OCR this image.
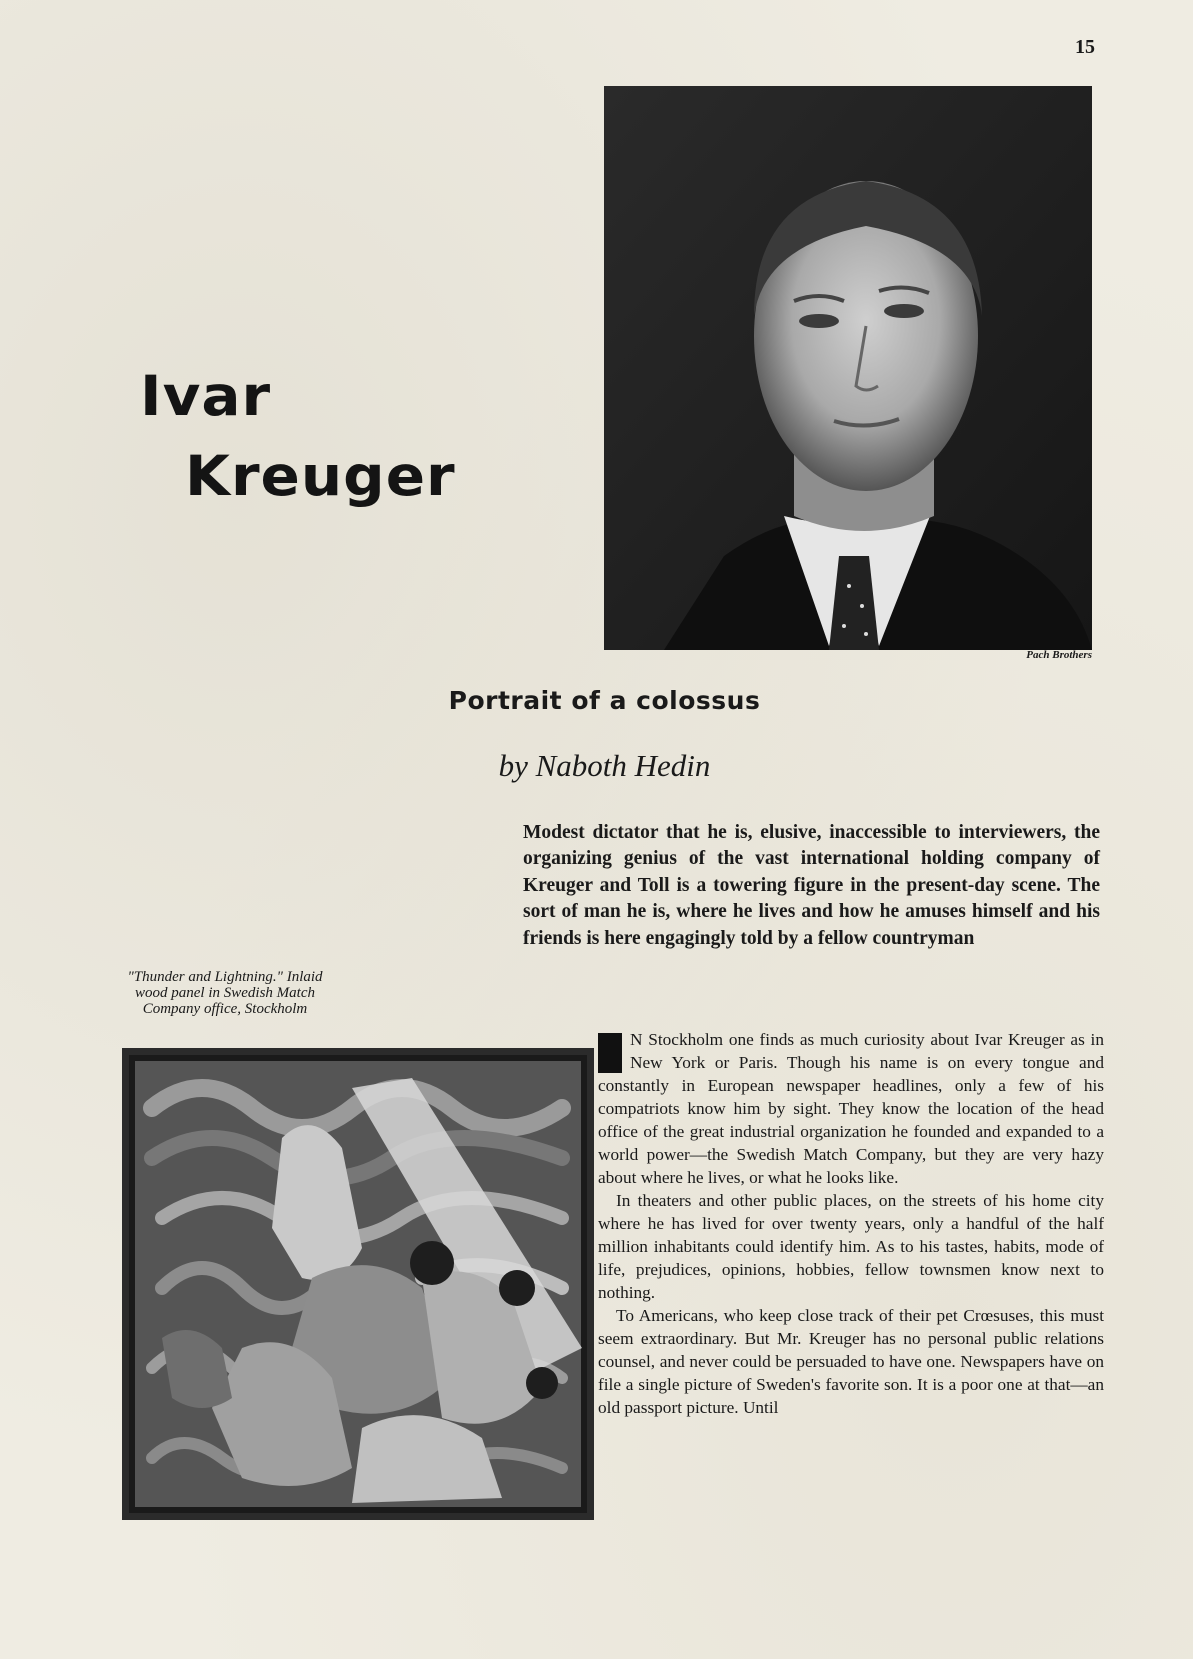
15
Ivar
Kreuger
Pach Brothers
Portrait of a colossus
by Naboth Hedin
Modest dictator that he is, elusive, inaccessible to interviewers, the organizing genius of the vast international holding company of Kreuger and Toll is a towering figure in the present-day scene. The sort of man he is, where he lives and how he amuses himself and his friends is here engagingly told by a fellow countryman
"Thunder and Lightning." Inlaid wood panel in Swedish Match Company office, Stockholm

N Stockholm one finds as much curiosity about Ivar Kreuger as in New York or Paris. Though his name is on every tongue and constantly in European newspaper headlines, only a few of his compatriots know him by sight. They know the location of the head office of the great industrial organization he founded and expanded to a world power—the Swedish Match Company, but they are very hazy about where he lives, or what he looks like.

In theaters and other public places, on the streets of his home city where he has lived for over twenty years, only a handful of the half million inhabitants could identify him. As to his tastes, habits, mode of life, prejudices, opinions, hobbies, fellow townsmen know next to nothing.

To Americans, who keep close track of their pet Crœsuses, this must seem extraordinary. But Mr. Kreuger has no personal public relations counsel, and never could be persuaded to have one. Newspapers have on file a single picture of Sweden's favorite son. It is a poor one at that—an old passport picture. Until
